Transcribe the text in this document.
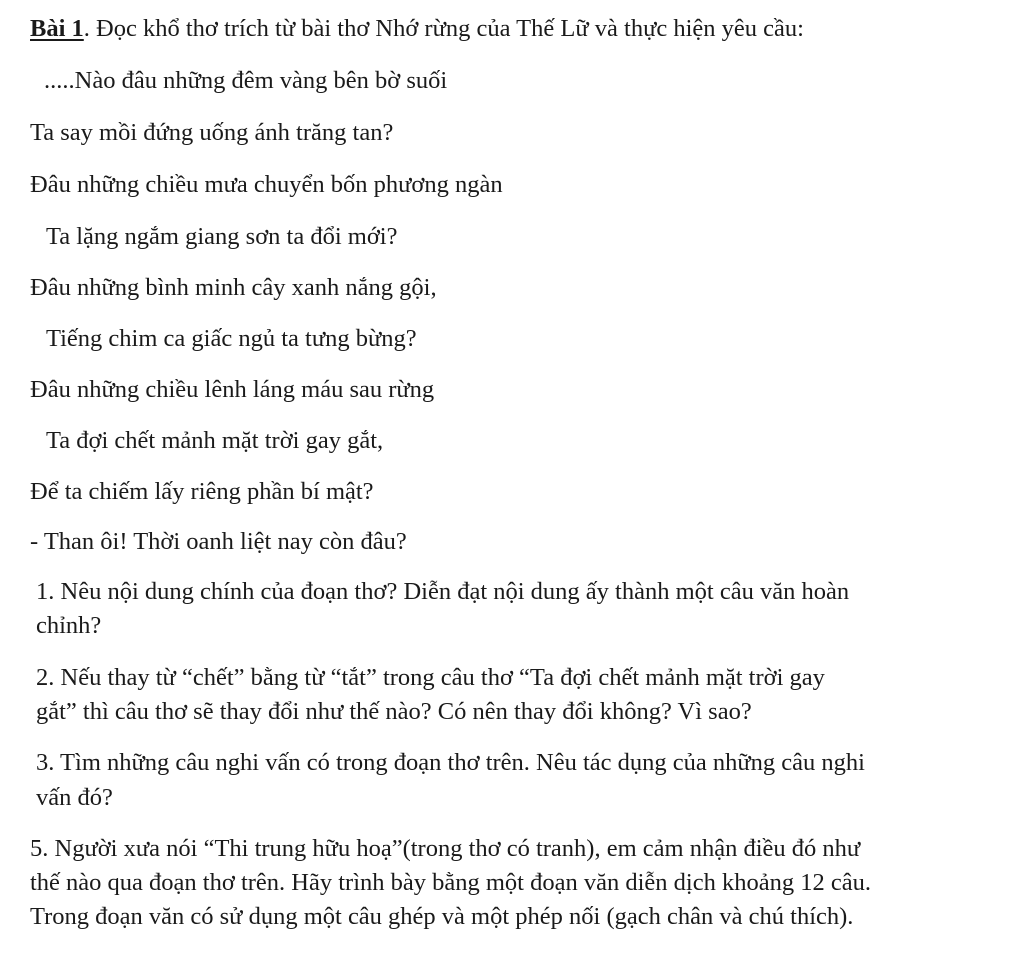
Bài 1. Đọc khổ thơ trích từ bài thơ Nhớ rừng của Thế Lữ và thực hiện yêu cầu:
.....Nào đâu những đêm vàng bên bờ suối
Ta say mồi đứng uống ánh trăng tan?
Đâu những chiều mưa chuyển bốn phương ngàn
Ta lặng ngắm giang sơn ta đổi mới?
Đâu những bình minh cây xanh nắng gội,
Tiếng chim ca giấc ngủ ta tưng bừng?
Đâu những chiều lênh láng máu sau rừng
Ta đợi chết mảnh mặt trời gay gắt,
Để ta chiếm lấy riêng phần bí mật?
- Than ôi! Thời oanh liệt nay còn đâu?
1. Nêu nội dung chính của đoạn thơ? Diễn đạt nội dung ấy thành một câu văn hoàn
chỉnh?
2. Nếu thay từ “chết” bằng từ “tắt” trong câu thơ “Ta đợi chết mảnh mặt trời gay
gắt” thì câu thơ sẽ thay đổi như thế nào? Có nên thay đổi không? Vì sao?
3. Tìm những câu nghi vấn có trong đoạn thơ trên. Nêu tác dụng của những câu nghi
vấn đó?
5. Người xưa nói “Thi trung hữu hoạ”(trong thơ có tranh), em cảm nhận điều đó như
thế nào qua đoạn thơ trên. Hãy trình bày bằng một đoạn văn diễn dịch khoảng 12 câu.
Trong đoạn văn có sử dụng một câu ghép và một phép nối (gạch chân và chú thích).
